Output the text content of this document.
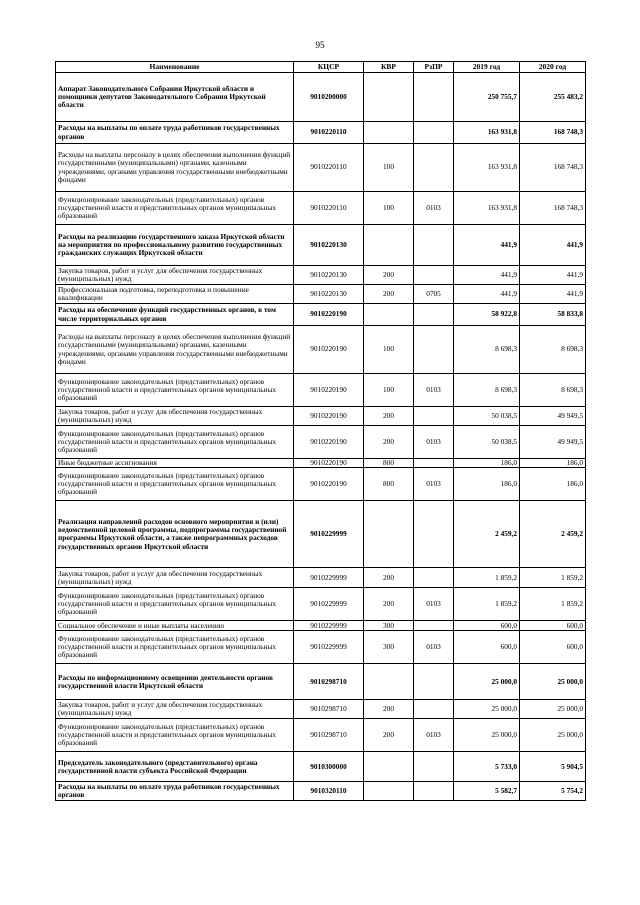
95
Наименование	КЦСР	КВР	РзПР	2019 год	2020 год
Аппарат Законодательного Собрания Иркутской области и помощники депутатов Законодательного Собрания Иркутской области	9010200000			250 755,7	255 483,2
Расходы на выплаты по оплате труда работников государственных органов	9010220110			163 931,8	168 748,3
Расходы на выплаты персоналу в целях обеспечения выполнения функций государственными (муниципальными) органами, казенными учреждениями, органами управления государственными внебюджетными фондами	9010220110	100		163 931,8	168 748,3
Функционирование законодательных (представительных) органов государственной власти и представительных органов муниципальных образований	9010220110	100	0103	163 931,8	168 748,3
Расходы на реализацию государственного заказа Иркутской области на мероприятия по профессиональному развитию государственных гражданских служащих Иркутской области	9010220130			441,9	441,9
Закупка товаров, работ и услуг для обеспечения государственных (муниципальных) нужд	9010220130	200		441,9	441,9
Профессиональная подготовка, переподготовка и повышение квалификации	9010220130	200	0705	441,9	441,9
Расходы на обеспечение функций государственных органов, в том числе территориальных органов	9010220190			58 922,8	58 833,8
Расходы на выплаты персоналу в целях обеспечения выполнения функций государственными (муниципальными) органами, казенными учреждениями, органами управления государственными внебюджетными фондами	9010220190	100		8 698,3	8 698,3
Функционирование законодательных (представительных) органов государственной власти и представительных органов муниципальных образований	9010220190	100	0103	8 698,3	8 698,3
Закупка товаров, работ и услуг для обеспечения государственных (муниципальных) нужд	9010220190	200		50 038,5	49 949,5
Функционирование законодательных (представительных) органов государственной власти и представительных органов муниципальных образований	9010220190	200	0103	50 038,5	49 949,5
Иные бюджетные ассигнования	9010220190	800		186,0	186,0
Функционирование законодательных (представительных) органов государственной власти и представительных органов муниципальных образований	9010220190	800	0103	186,0	186,0
Реализация направлений расходов основного мероприятия и (или) ведомственной целевой программы, подпрограммы государственной программы Иркутской области, а также непрограммных расходов государственных органов Иркутской области	9010229999			2 459,2	2 459,2
Закупка товаров, работ и услуг для обеспечения государственных (муниципальных) нужд	9010229999	200		1 859,2	1 859,2
Функционирование законодательных (представительных) органов государственной власти и представительных органов муниципальных образований	9010229999	200	0103	1 859,2	1 859,2
Социальное обеспечение и иные выплаты населению	9010229999	300		600,0	600,0
Функционирование законодательных (представительных) органов государственной власти и представительных органов муниципальных образований	9010229999	300	0103	600,0	600,0
Расходы по информационному освещению деятельности органов государственной власти Иркутской области	9010298710			25 000,0	25 000,0
Закупка товаров, работ и услуг для обеспечения государственных (муниципальных) нужд	9010298710	200		25 000,0	25 000,0
Функционирование законодательных (представительных) органов государственной власти и представительных органов муниципальных образований	9010298710	200	0103	25 000,0	25 000,0
Председатель законодательного (представительного) органа государственной власти субъекта Российской Федерации	9010300000			5 733,0	5 904,5
Расходы на выплаты по оплате труда работников государственных органов	9010320110			5 582,7	5 754,2
